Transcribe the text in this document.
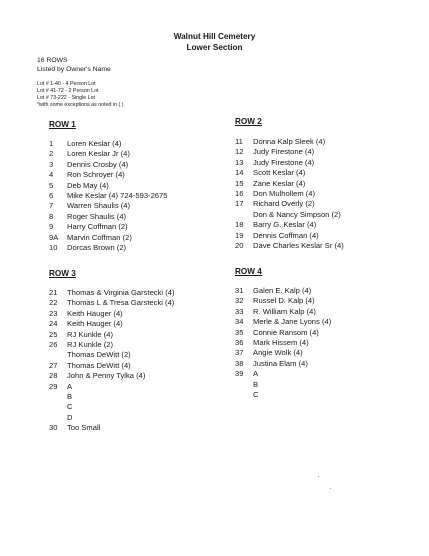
Walnut Hill Cemetery
Lower Section
16 ROWS
Listed by Owner's Name
Lot # 1-40 - 4 Person Lot
Lot # 41-72 - 2 Person Lot
Lot # 73-222 - Single Lot
*with some exceptions as noted in ( )
ROW 1
1	Loren Keslar (4)
2	Loren Keslar Jr (4)
3	Dennis Crosby (4)
4	Ron Schroyer (4)
5	Deb May (4)
6	Mike Keslar (4) 724-593-2675
7	Warren Shaulis (4)
8	Roger Shaulis (4)
9	Harry Coffman (2)
9A	Marvin Coffman (2)
10	Dorcas Brown (2)
ROW 2
11	Donna Kalp Sleek (4)
12	Judy Firestone (4)
13	Judy Firestone (4)
14	Scott Keslar (4)
15	Zane Keslar (4)
16	Don Mulhollem (4)
17	Richard Overly (2)
Don & Nancy Simpson (2)
18	Barry G. Keslar (4)
19	Dennis Coffman (4)
20	Dave Charles Keslar Sr (4)
ROW 3
21	Thomas & Virginia Garstecki (4)
22	Thomas L & Tresa Garstecki (4)
23	Keith Hauger (4)
24	Keith Hauger (4)
25	RJ Kunkle (4)
26	RJ Kunkle (2)
Thomas DeWitt (2)
27	Thomas DeWitt (4)
28	John & Penny Tylka (4)
29	A
B
C
D
30	Too Small
ROW 4
31	Galen E. Kalp (4)
32	Russel D. Kalp (4)
33	R. William Kalp (4)
34	Merle & Jane Lyons (4)
35	Connie Ransom (4)
36	Mark Hissem (4)
37	Angie Wolk (4)
38	Justina Elam (4)
39	A
B
C
